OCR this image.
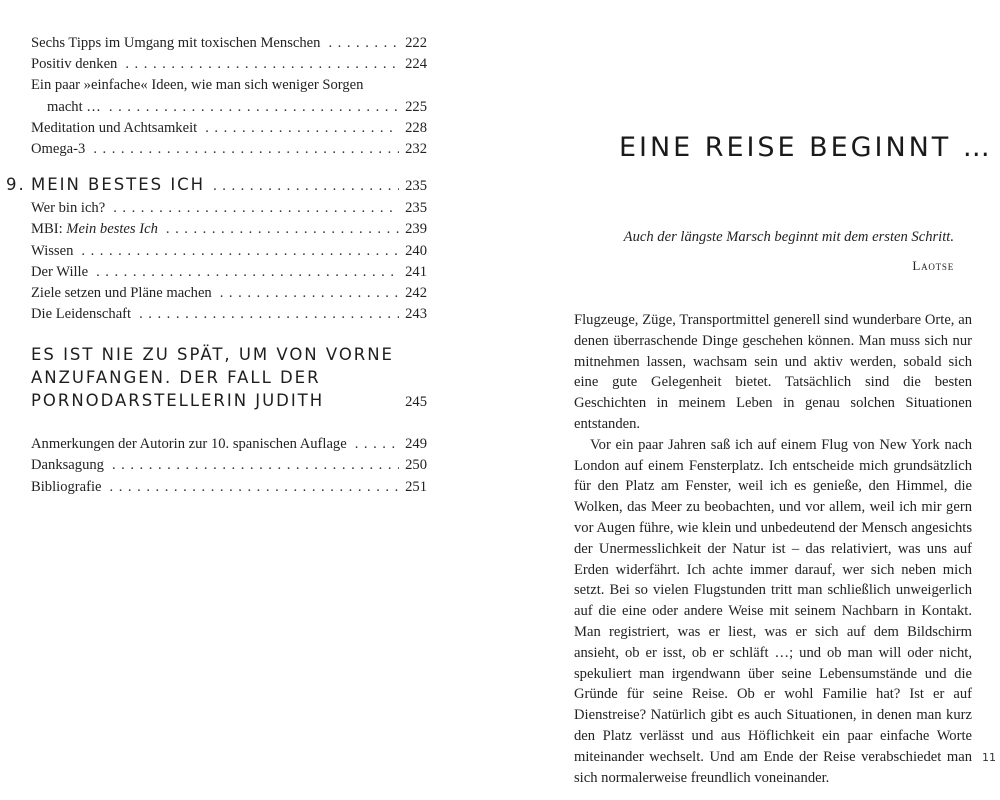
Sechs Tipps im Umgang mit toxischen Menschen .....	222
Positiv denken .....	224
Ein paar »einfache« Ideen, wie man sich weniger Sorgen
macht … .....	225
Meditation und Achtsamkeit .....	228
Omega-3 .....	232
9. MEIN BESTES ICH .....	235
Wer bin ich? .....	235
MBI: Mein bestes Ich .....	239
Wissen .....	240
Der Wille .....	241
Ziele setzen und Pläne machen .....	242
Die Leidenschaft .....	243
ES IST NIE ZU SPÄT, UM VON VORNE
ANZUFANGEN. DER FALL DER
PORNODARSTELLERIN JUDITH	245
Anmerkungen der Autorin zur 10. spanischen Auflage .....	249
Danksagung .....	250
Bibliografie .....	251
EINE REISE BEGINNT …
Auch der längste Marsch beginnt mit dem ersten Schritt.
Laotse

Flugzeuge, Züge, Transportmittel generell sind wunderbare Orte, an denen überraschende Dinge geschehen können. Man muss sich nur mitnehmen lassen, wachsam sein und aktiv werden, sobald sich eine gute Gelegenheit bietet. Tatsächlich sind die besten Geschichten in meinem Leben in genau solchen Situationen entstanden.

Vor ein paar Jahren saß ich auf einem Flug von New York nach London auf einem Fensterplatz. Ich entscheide mich grundsätzlich für den Platz am Fenster, weil ich es genieße, den Himmel, die Wolken, das Meer zu beobachten, und vor allem, weil ich mir gern vor Augen führe, wie klein und unbedeutend der Mensch angesichts der Unermesslichkeit der Natur ist – das relativiert, was uns auf Erden widerfährt. Ich achte immer darauf, wer sich neben mich setzt. Bei so vielen Flugstunden tritt man schließlich unweigerlich auf die eine oder andere Weise mit seinem Nachbarn in Kontakt. Man registriert, was er liest, was er sich auf dem Bildschirm ansieht, ob er isst, ob er schläft …; und ob man will oder nicht, spekuliert man irgendwann über seine Lebensumstände und die Gründe für seine Reise. Ob er wohl Familie hat? Ist er auf Dienstreise? Natürlich gibt es auch Situationen, in denen man kurz den Platz verlässt und aus Höflichkeit ein paar einfache Worte miteinander wechselt. Und am Ende der Reise verabschiedet man sich normalerweise freundlich voneinander.

11
